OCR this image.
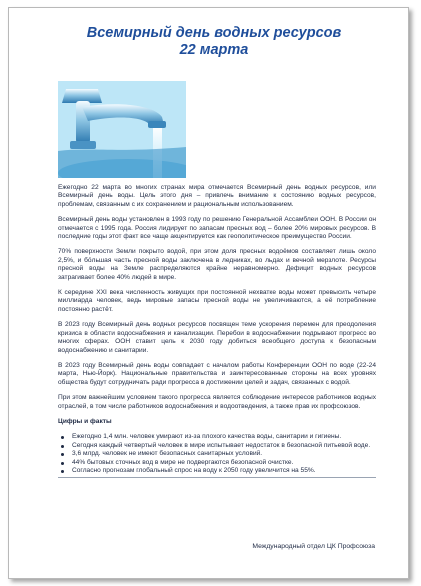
Всемирный день водных ресурсов
22 марта

Ежегодно 22 марта во многих странах мира отмечается Всемирный день водных ресурсов, или Всемирный день воды. Цель этого дня – привлечь внимание к состоянию водных ресурсов, проблемам, связанным с их сохранением и рациональным использованием.

Всемирный день воды установлен в 1993 году по решению Генеральной Ассамблеи ООН. В России он отмечается с 1995 года. Россия лидирует по запасам пресных вод – более 20% мировых ресурсов. В последние годы этот факт все чаще акцентируется как геополитическое преимущество России.

70% поверхности Земли покрыто водой, при этом доля пресных водоёмов составляет лишь около 2,5%, и бо́льшая часть пресной воды заключена в ледниках, во льдах и вечной мерзлоте. Ресурсы пресной воды на Земле распределяются крайне неравномерно. Дефицит водных ресурсов затрагивает более 40% людей в мире.

К середине XXI века численность живущих при постоянной нехватке воды может превысить четыре миллиарда человек, ведь мировые запасы пресной воды не увеличиваются, а её потребление постоянно растёт.

В 2023 году Всемирный день водных ресурсов посвящен теме ускорения перемен для преодоления кризиса в области водоснабжения и канализации. Перебои в водоснабжении подрывают прогресс во многих сферах. ООН ставит цель к 2030 году добиться всеобщего доступа к безопасным водоснабжению и санитарии.

В 2023 году Всемирный день воды совпадает с началом работы Конференции ООН по воде (22-24 марта, Нью-Йорк). Национальные правительства и заинтересованные стороны на всех уровнях общества будут сотрудничать ради прогресса в достижении целей и задач, связанных с водой.

При этом важнейшим условием такого прогресса является соблюдение интересов работников водных отраслей, в том числе работников водоснабжения и водоотведения, а также прав их профсоюзов.

Цифры и факты

Ежегодно 1,4 млн. человек умирают из-за плохого качества воды, санитарии и гигиены.
Сегодня каждый четвертый человек в мире испытывает недостаток в безопасной питьевой воде.
3,6 млрд. человек не имеют безопасных санитарных условий.
44% бытовых сточных вод в мире не подвергаются безопасной очистке.
Согласно прогнозам глобальный спрос на воду к 2050 году увеличится на 55%.
Международный отдел ЦК Профсоюза
